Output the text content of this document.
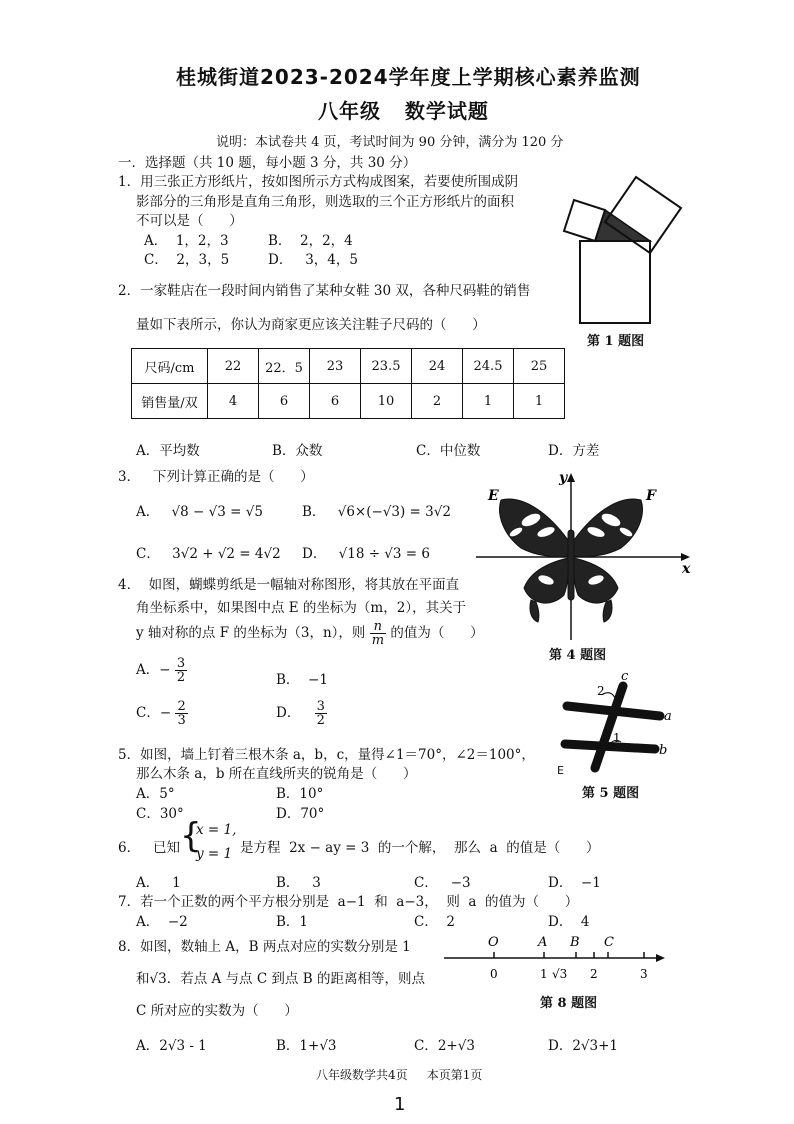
桂城街道2023-2024学年度上学期核心素养监测
八年级   数学试题
说明：本试卷共 4 页，考试时间为 90 分钟，满分为 120 分
一．选择题（共 10 题，每小题 3 分，共 30 分）
1．用三张正方形纸片，按如图所示方式构成图案，若要使所围成阴
影部分的三角形是直角三角形，则选取的三个正方形纸片的面积
不可以是（      ）
A．  1，2，3	B．  2，2，4
C．  2，3，5	D．   3，4，5
第 1 题图
2．一家鞋店在一段时间内销售了某种女鞋 30 双，各种尺码鞋的销售
量如下表所示，你认为商家更应该关注鞋子尺码的（      ）
尺码/cm	22	22．5	23	23.5	24	24.5	25
销售量/双	4	6	6	10	2	1	1
A．平均数	B．众数	C．中位数	D．方差
3．   下列计算正确的是（      ）
A． √8 − √3 = √5	B． √6×(−√3) = 3√2
C． 3√2 + √2 = 4√2 D． √18 ÷ √3 = 6
E	F
x
y
第 4 题图
4．  如图，蝴蝶剪纸是一幅轴对称图形，将其放在平面直
角坐标系中，如果图中点 E 的坐标为（m，2），其关于
y 轴对称的点 F 的坐标为（3，n），则 $\frac{n}{m}$ 的值为（      ）
A．− $\frac{3}{2}$	B．  −1
C．− $\frac{2}{3}$	D． $\frac{3}{2}$
2
c
a
1
b
E
第 5 题图
5．如图，墙上钉着三根木条 a，b，c，量得∠1＝70°，∠2＝100°，
那么木条 a，b 所在直线所夹的锐角是（      ）
A．5°	B．10°
C．30°	D．70°
6．   已知 {
x = 1,
y = 1 是方程  2x − ay = 3  的一个解，  那么  a  的值是（      ）
A．   1	B．   3	C．   −3	D．  −1
7．若一个正数的两个平方根分别是  a−1  和  a−3，  则  a  的值为（      ）
A．  −2	B．1	C．  2	D．  4
8．如图，数轴上 A，B 两点对应的实数分别是 1
和√3．若点 A 与点 C 到点 B 的距离相等，则点
C 所对应的实数为（      ）
O	A B C
0	1 √3 2	3
第 8 题图
A．2√3 - 1	B．1+√3	C．2+√3	D．2√3+1
八年级数学共4页     本页第1页
1
